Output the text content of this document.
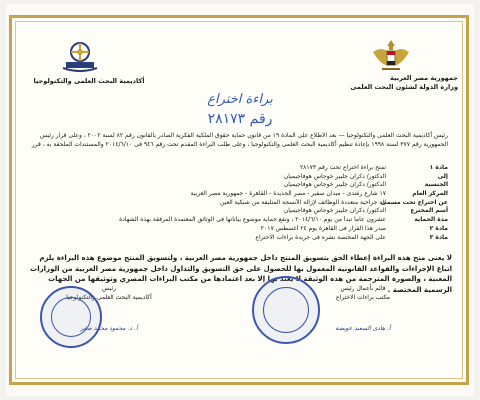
أكاديمية البحث العلمى والتكنولوجيا	جمهورية مصر العربية
وزارة الدولة لشئون البحث العلمى
براءة اختراع
رقم ٢٨١٧٣
رئيس أكاديمية البحث العلمى والتكنولوجيا — بعد الاطلاع على المادة ١٩ من قانون حماية حقوق الملكية الفكرية الصادر بالقانون رقم ٨٢ لسنة ٢٠٠٢ ، وعلى قرار رئيس الجمهورية رقم ٣٧٧ لسنة ١٩٩٨ بإعادة تنظيم أكاديمية البحث العلمى والتكنولوجيا ، وعلى طلب البراءة المقدم تحت رقم ٩٤٦ فى ٢٠١٤/٦/١٠ والمستندات الملحقة به ، قرر
مادة ١
تمنح براءة اختراع تحت رقم ٢٨١٧٣
إلى
الدكتور/ دكران جليبر خوجاس هوفاجيميان
الجنسية
الدكتور/ دكران جليبر خوجاس هوفاجيميان
المركز العام
١٧ شارع رشدى - ميدان سفير - مصر الجديدة - القاهرة - جمهورية مصر العربية
عن اختراع تحت مسمى
آلة جراحية متعددة الوظائف لإزالة الأنسجة المتليفة من شبكية العين
أسم المخترع
الدكتور/ دكران جليبر خوجاس هوفاجيميان
مدة الحماية
عشرون عاماً تبدأ من يوم ٢٠١٤/٦/١٠ ، وتقع حماية موضوع بياناتها فى الوثائق المعتمدة المرفقة بهذه الشهادة
مادة ٢
صدر هذا القرار فى القاهرة يوم ٢٤ أغسطس ٢٠١٧
مادة ٣
على الجهة المختصة نشره فى جريدة براءات الاختراع
لا يعنى منح هذه البراءة إعطاء الحق بتسويق المنتج داخل جمهورية مصر العربية ، ولتسويق المنتج موضوع هذه البراءة يلزم اتباع الإجراءات والقواعد القانونية المعمول بها للحصول على حق التسويق والتداول داخل جمهورية مصر العربية من الوزارات المعنية ، والصورة المترجمة من هذه الوثيقة لا يعتد بها إلا بعد اعتمادها من مكتب البراءات المصري وتوثيقها من الجهات الرسمية المختصة .
رئيس
أكاديمية البحث العلمى والتكنولوجيا
أ. د. محمود محمد صقر
قائم بأعمال رئيس
مكتب براءات الاختراع
أ. هادى السعيد عويضة
